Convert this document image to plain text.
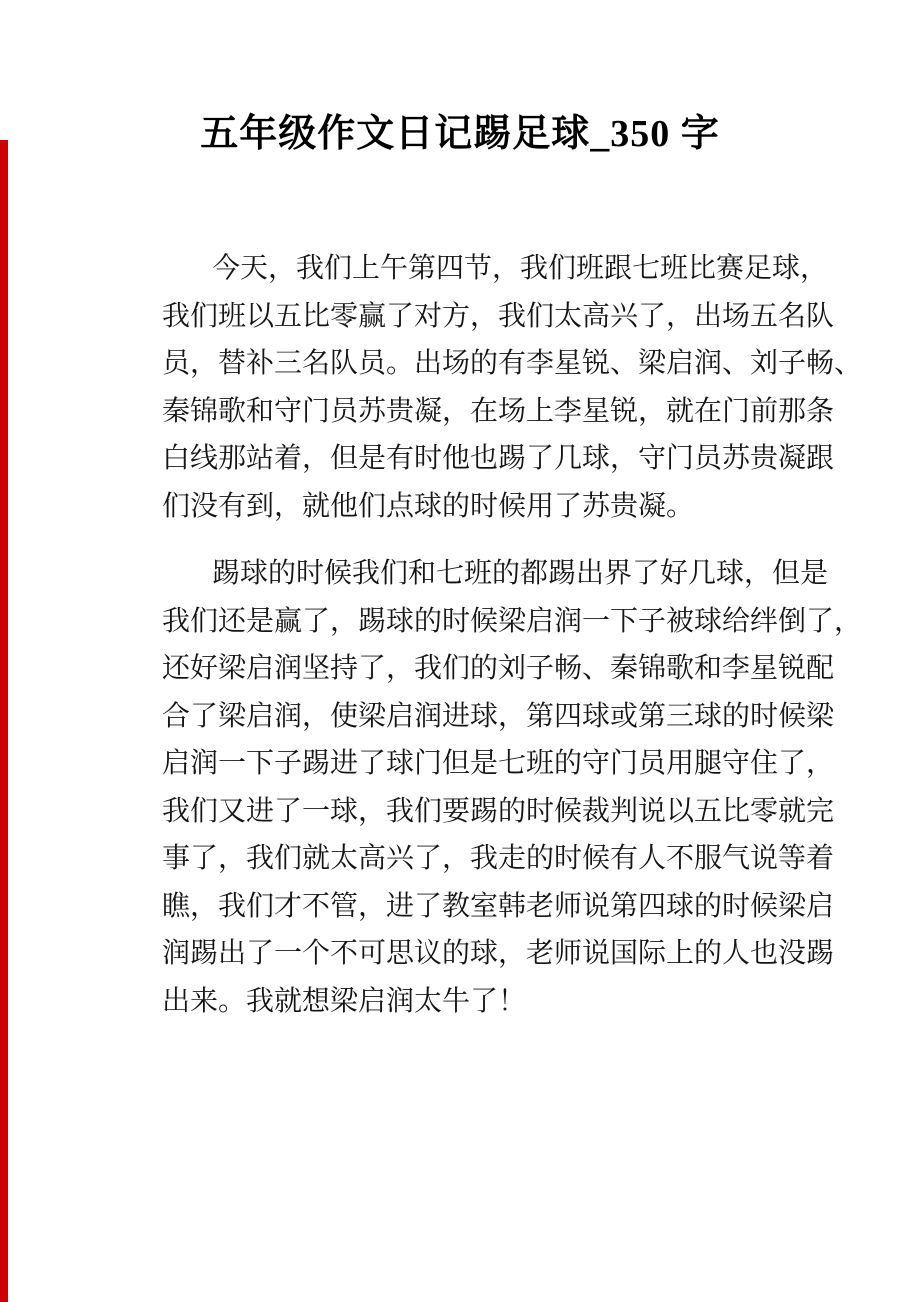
五年级作文日记踢足球_350 字
今天，我们上午第四节，我们班跟七班比赛足球，
我们班以五比零赢了对方，我们太高兴了，出场五名队
员，替补三名队员。出场的有李星锐、梁启润、刘子畅、
秦锦歌和守门员苏贵凝，在场上李星锐，就在门前那条
白线那站着，但是有时他也踢了几球，守门员苏贵凝跟
们没有到，就他们点球的时候用了苏贵凝。
踢球的时候我们和七班的都踢出界了好几球，但是
我们还是赢了，踢球的时候梁启润一下子被球给绊倒了，
还好梁启润坚持了，我们的刘子畅、秦锦歌和李星锐配
合了梁启润，使梁启润进球，第四球或第三球的时候梁
启润一下子踢进了球门但是七班的守门员用腿守住了，
我们又进了一球，我们要踢的时候裁判说以五比零就完
事了，我们就太高兴了，我走的时候有人不服气说等着
瞧，我们才不管，进了教室韩老师说第四球的时候梁启
润踢出了一个不可思议的球，老师说国际上的人也没踢
出来。我就想梁启润太牛了！
